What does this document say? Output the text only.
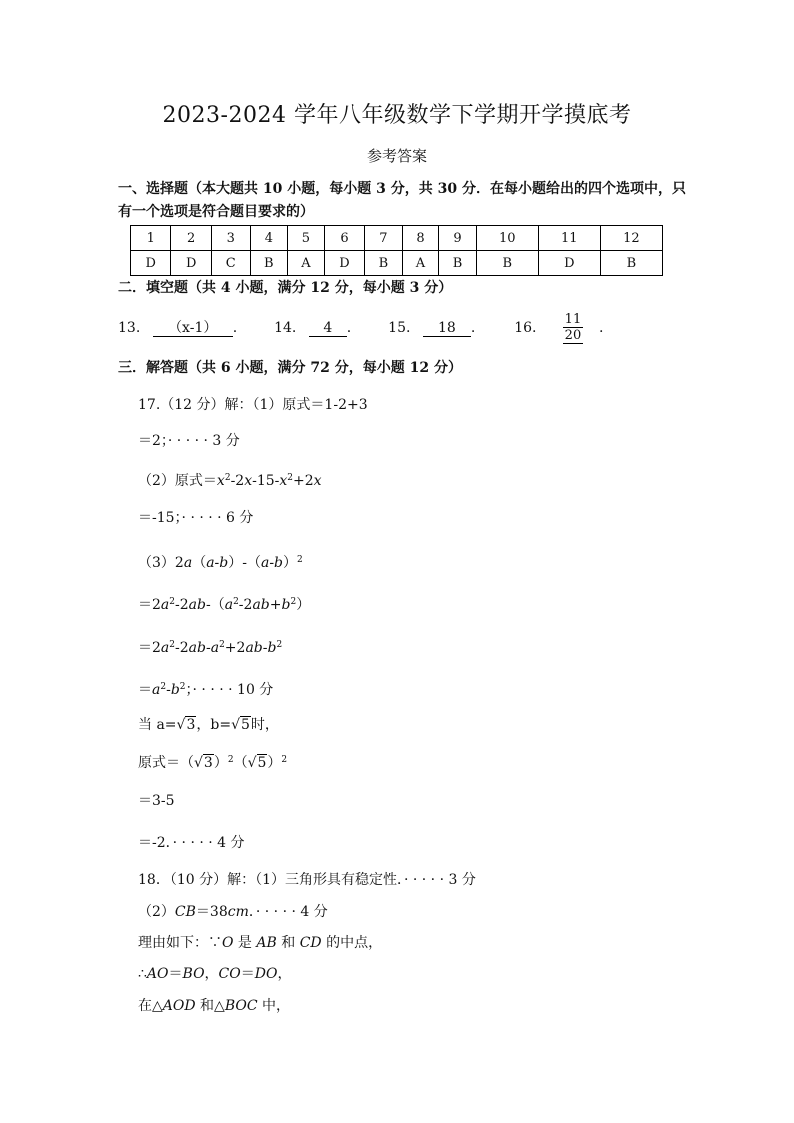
2023-2024 学年八年级数学下学期开学摸底考
参考答案
一、选择题（本大题共 10 小题，每小题 3 分，共 30 分．在每小题给出的四个选项中，只有一个选项是符合题目要求的）
1	2	3	4	5	6	7	8	9	10	11	12
D	D	C	B	A	D	B	A	B	B	D	B
二．填空题（共 4 小题，满分 12 分，每小题 3 分）
13. （x-1） .	14. 4 .	15. 18 .	16. $\frac{11}{20}$ .
三．解答题（共 6 小题，满分 72 分，每小题 12 分）
17.（12 分）解：（1）原式＝1-2+3
＝2；· · · · · 3 分
（2）原式$=x^2-2x-15-x^2+2x$
＝-15；· · · · · 6 分
$(3)2a(a-b)-(a-b)^2$
$=2a^2-2ab-(a^2-2ab+b^2)$
$=2a^2-2ab-a^2+2ab-b^2$
$=a^2-b^2$；· · · · · 10 分
当 a=√3，b=√5时，
原式$=(√3)^2(√5)^2$
＝3-5
＝-2．· · · · · 4 分
18．（10 分）解：（1）三角形具有稳定性．· · · · · 3 分
（2）CB＝38cm．· · · · · 4 分
理由如下：∵O 是 AB 和 CD 的中点，
∴AO＝BO，CO＝DO，
在△AOD 和△BOC 中，
